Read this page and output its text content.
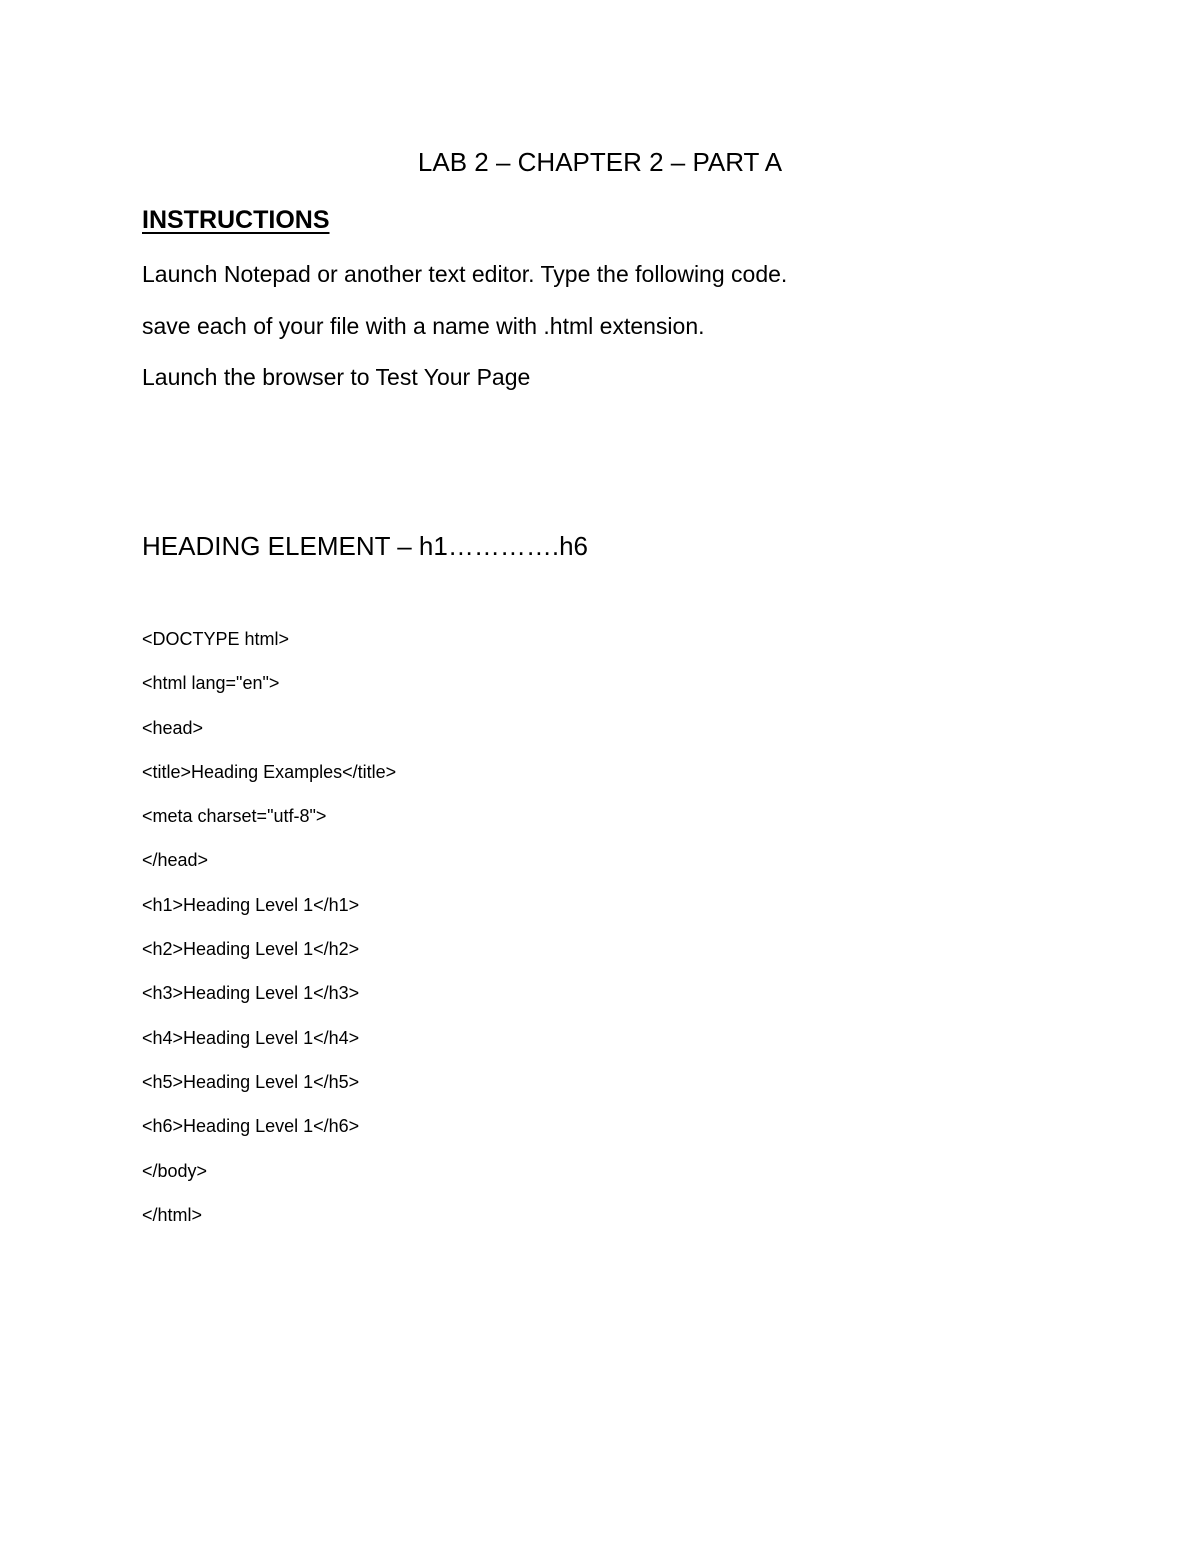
LAB 2 – CHAPTER 2 – PART A
INSTRUCTIONS
Launch Notepad or another text editor. Type the following code.
save each of your file with a name with .html extension.
Launch the browser to Test Your Page
HEADING ELEMENT – h1………….h6
<DOCTYPE html>
<html lang="en">
<head>
<title>Heading Examples</title>
<meta charset="utf-8">
</head>
<h1>Heading Level 1</h1>
<h2>Heading Level 1</h2>
<h3>Heading Level 1</h3>
<h4>Heading Level 1</h4>
<h5>Heading Level 1</h5>
<h6>Heading Level 1</h6>
</body>
</html>
